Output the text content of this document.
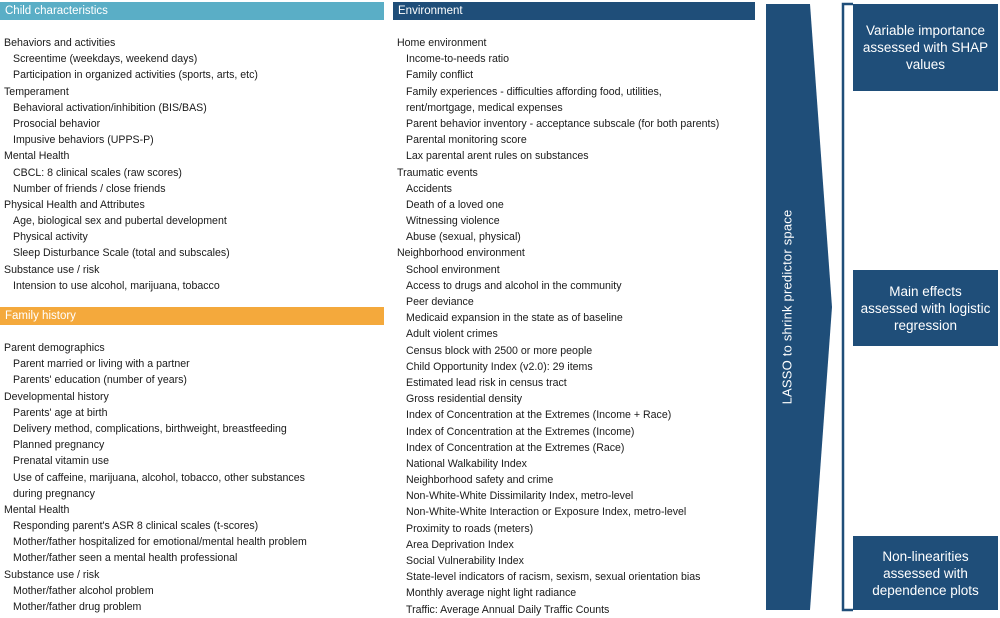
Child characteristics
Family history
Environment
Behaviors and activities
Screentime (weekdays, weekend days)
Participation in organized activities (sports, arts, etc)
Temperament
Behavioral activation/inhibition (BIS/BAS)
Prosocial behavior
Impusive behaviors (UPPS-P)
Mental Health
CBCL: 8 clinical scales (raw scores)
Number of friends / close friends
Physical Health and Attributes
Age, biological sex and pubertal development
Physical activity
Sleep Disturbance Scale (total and subscales)
Substance use / risk
Intension to use alcohol, marijuana, tobacco
Parent demographics
Parent married or living with a partner
Parents' education (number of years)
Developmental history
Parents' age at birth
Delivery method, complications, birthweight, breastfeeding
Planned pregnancy
Prenatal vitamin use
Use of caffeine, marijuana, alcohol, tobacco, other substances
during pregnancy
Mental Health
Responding parent's ASR 8 clinical scales (t-scores)
Mother/father hospitalized for emotional/mental health problem
Mother/father seen a mental health professional
Substance use / risk
Mother/father alcohol problem
Mother/father drug problem
Home environment
Income-to-needs ratio
Family conflict
Family experiences - difficulties affording food, utilities,
rent/mortgage, medical expenses
Parent behavior inventory - acceptance subscale (for both parents)
Parental monitoring score
Lax parental arent rules on substances
Traumatic events
Accidents
Death of a loved one
Witnessing violence
Abuse (sexual, physical)
Neighborhood environment
School environment
Access to drugs and alcohol in the community
Peer deviance
Medicaid expansion in the state as of baseline
Adult violent crimes
Census block with 2500 or more people
Child Opportunity Index (v2.0): 29 items
Estimated lead risk in census tract
Gross residential density
Index of Concentration at the Extremes (Income + Race)
Index of Concentration at the Extremes (Income)
Index of Concentration at the Extremes (Race)
National Walkability Index
Neighborhood safety and crime
Non-White-White Dissimilarity Index, metro-level
Non-White-White Interaction or Exposure Index, metro-level
Proximity to roads (meters)
Area Deprivation Index
Social Vulnerability Index
State-level indicators of racism, sexism, sexual orientation bias
Monthly average night light radiance
Traffic: Average Annual Daily Traffic Counts
LASSO to shrink predictor space
Variable importance assessed with SHAP values
Main effects assessed with logistic regression
Non-linearities assessed with dependence plots
